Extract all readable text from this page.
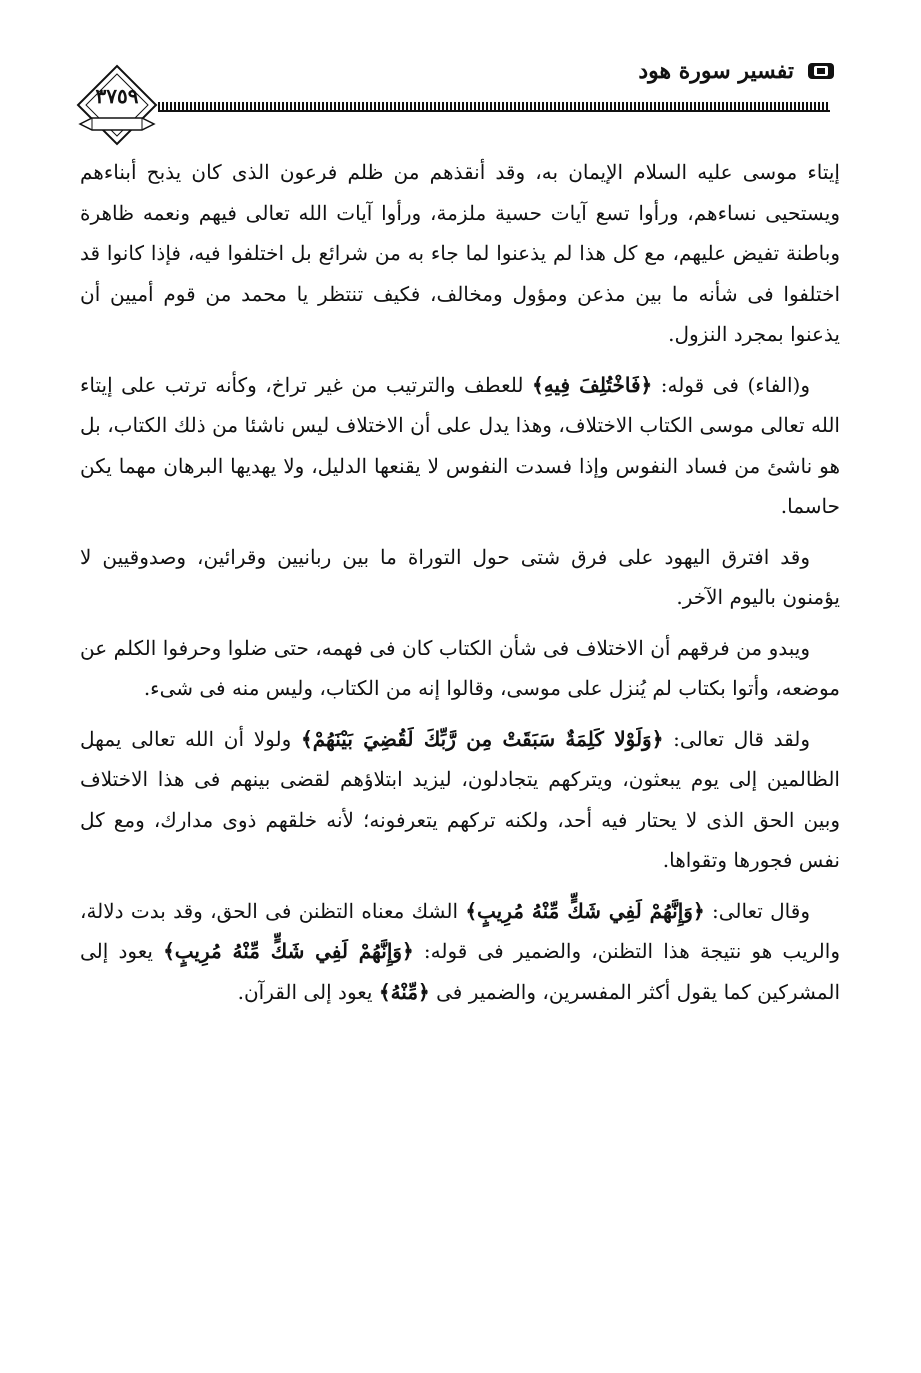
٣٧٥٩
تفسير سورة هود

إيتاء موسى عليه السلام الإيمان به، وقد أنقذهم من ظلم فرعون الذى كان يذبح أبناءهم ويستحيى نساءهم، ورأوا تسع آيات حسية ملزمة، ورأوا آيات الله تعالى فيهم ونعمه ظاهرة وباطنة تفيض عليهم، مع كل هذا لم يذعنوا لما جاء به من شرائع بل اختلفوا فيه، فإذا كانوا قد اختلفوا فى شأنه ما بين مذعن ومؤول ومخالف، فكيف تنتظر يا محمد من قوم أميين أن يذعنوا بمجرد النزول.

و(الفاء) فى قوله: ﴿فَاخْتُلِفَ فِيهِ﴾ للعطف والترتيب من غير تراخ، وكأنه ترتب على إيتاء الله تعالى موسى الكتاب الاختلاف، وهذا يدل على أن الاختلاف ليس ناشئا من ذلك الكتاب، بل هو ناشئ من فساد النفوس وإذا فسدت النفوس لا يقنعها الدليل، ولا يهديها البرهان مهما يكن حاسما.

وقد افترق اليهود على فرق شتى حول التوراة ما بين ربانيين وقرائين، وصدوقيين لا يؤمنون باليوم الآخر.

ويبدو من فرقهم أن الاختلاف فى شأن الكتاب كان فى فهمه، حتى ضلوا وحرفوا الكلم عن موضعه، وأتوا بكتاب لم يُنزل على موسى، وقالوا إنه من الكتاب، وليس منه فى شىء.

ولقد قال تعالى: ﴿وَلَوْلا كَلِمَةٌ سَبَقَتْ مِن رَّبِّكَ لَقُضِيَ بَيْنَهُمْ﴾ ولولا أن الله تعالى يمهل الظالمين إلى يوم يبعثون، ويتركهم يتجادلون، ليزيد ابتلاؤهم لقضى بينهم فى هذا الاختلاف وبين الحق الذى لا يحتار فيه أحد، ولكنه تركهم يتعرفونه؛ لأنه خلقهم ذوى مدارك، ومع كل نفس فجورها وتقواها.

وقال تعالى: ﴿وَإِنَّهُمْ لَفِي شَكٍّ مِّنْهُ مُرِيبٍ﴾ الشك معناه التظنن فى الحق، وقد بدت دلالة، والريب هو نتيجة هذا التظنن، والضمير فى قوله: ﴿وَإِنَّهُمْ لَفِي شَكٍّ مِّنْهُ مُرِيبٍ﴾ يعود إلى المشركين كما يقول أكثر المفسرين، والضمير فى ﴿مِّنْهُ﴾ يعود إلى القرآن.
